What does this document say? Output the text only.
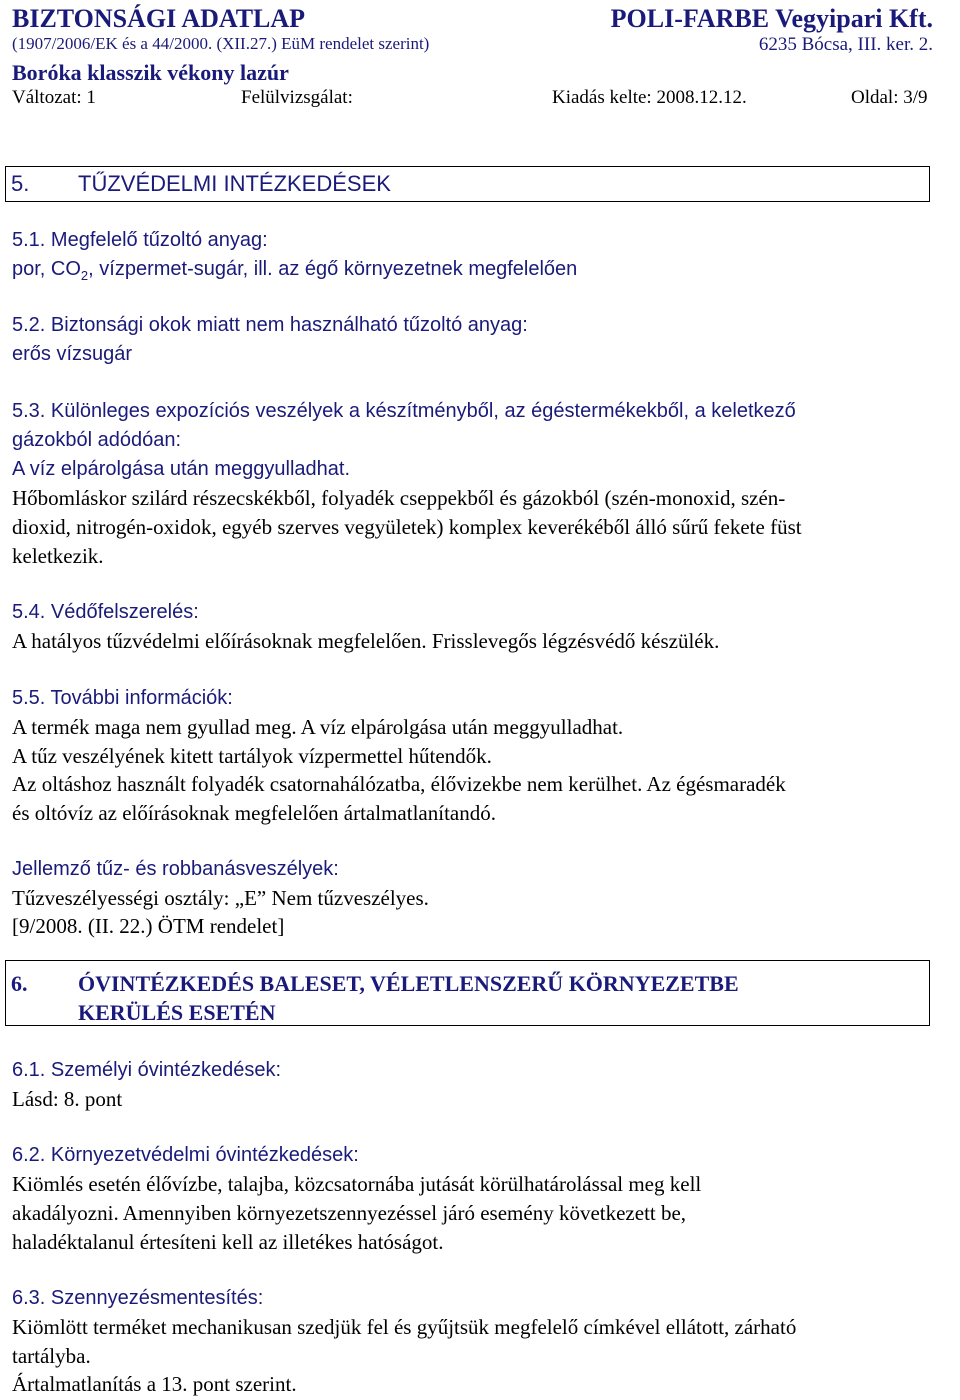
BIZTONSÁGI ADATLAP	POLI-FARBE Vegyipari Kft.
(1907/2006/EK és a 44/2000. (XII.27.) EüM rendelet szerint)	6235 Bócsa, III. ker. 2.
Boróka klasszik vékony lazúr
Változat: 1	Felülvizsgálat:	Kiadás kelte: 2008.12.12.	Oldal: 3/9
5. TŰZVÉDELMI INTÉZKEDÉSEK
5.1. Megfelelő tűzoltó anyag:
por, $CO_2$, vízpermet-sugár, ill. az égő környezetnek megfelelően
5.2. Biztonsági okok miatt nem használható tűzoltó anyag:
erős vízsugár
5.3. Különleges expozíciós veszélyek a készítményből, az égéstermékekből, a keletkező
gázokból adódóan:
A víz elpárolgása után meggyulladhat.
Hőbomláskor szilárd részecskékből, folyadék cseppekből és gázokból (szén-monoxid, szén-
dioxid, nitrogén-oxidok, egyéb szerves vegyületek) komplex keverékéből álló sűrű fekete füst
keletkezik.
5.4. Védőfelszerelés:
A hatályos tűzvédelmi előírásoknak megfelelően. Frisslevegős légzésvédő készülék.
5.5. További információk:
A termék maga nem gyullad meg. A víz elpárolgása után meggyulladhat.
A tűz veszélyének kitett tartályok vízpermettel hűtendők.
Az oltáshoz használt folyadék csatornahálózatba, élővizekbe nem kerülhet. Az égésmaradék
és oltóvíz az előírásoknak megfelelően ártalmatlanítandó.
Jellemző tűz- és robbanásveszélyek:
Tűzveszélyességi osztály: „E” Nem tűzveszélyes.
[9/2008. (II. 22.) ÖTM rendelet]
6. ÓVINTÉZKEDÉS BALESET, VÉLETLENSZERŰ KÖRNYEZETBE
KERÜLÉS ESETÉN
6.1. Személyi óvintézkedések:
Lásd: 8. pont
6.2. Környezetvédelmi óvintézkedések:
Kiömlés esetén élővízbe, talajba, közcsatornába jutását körülhatárolással meg kell
akadályozni. Amennyiben környezetszennyezéssel járó esemény következett be,
haladéktalanul értesíteni kell az illetékes hatóságot.
6.3. Szennyezésmentesítés:
Kiömlött terméket mechanikusan szedjük fel és gyűjtsük megfelelő címkével ellátott, zárható
tartályba.
Ártalmatlanítás a 13. pont szerint.
